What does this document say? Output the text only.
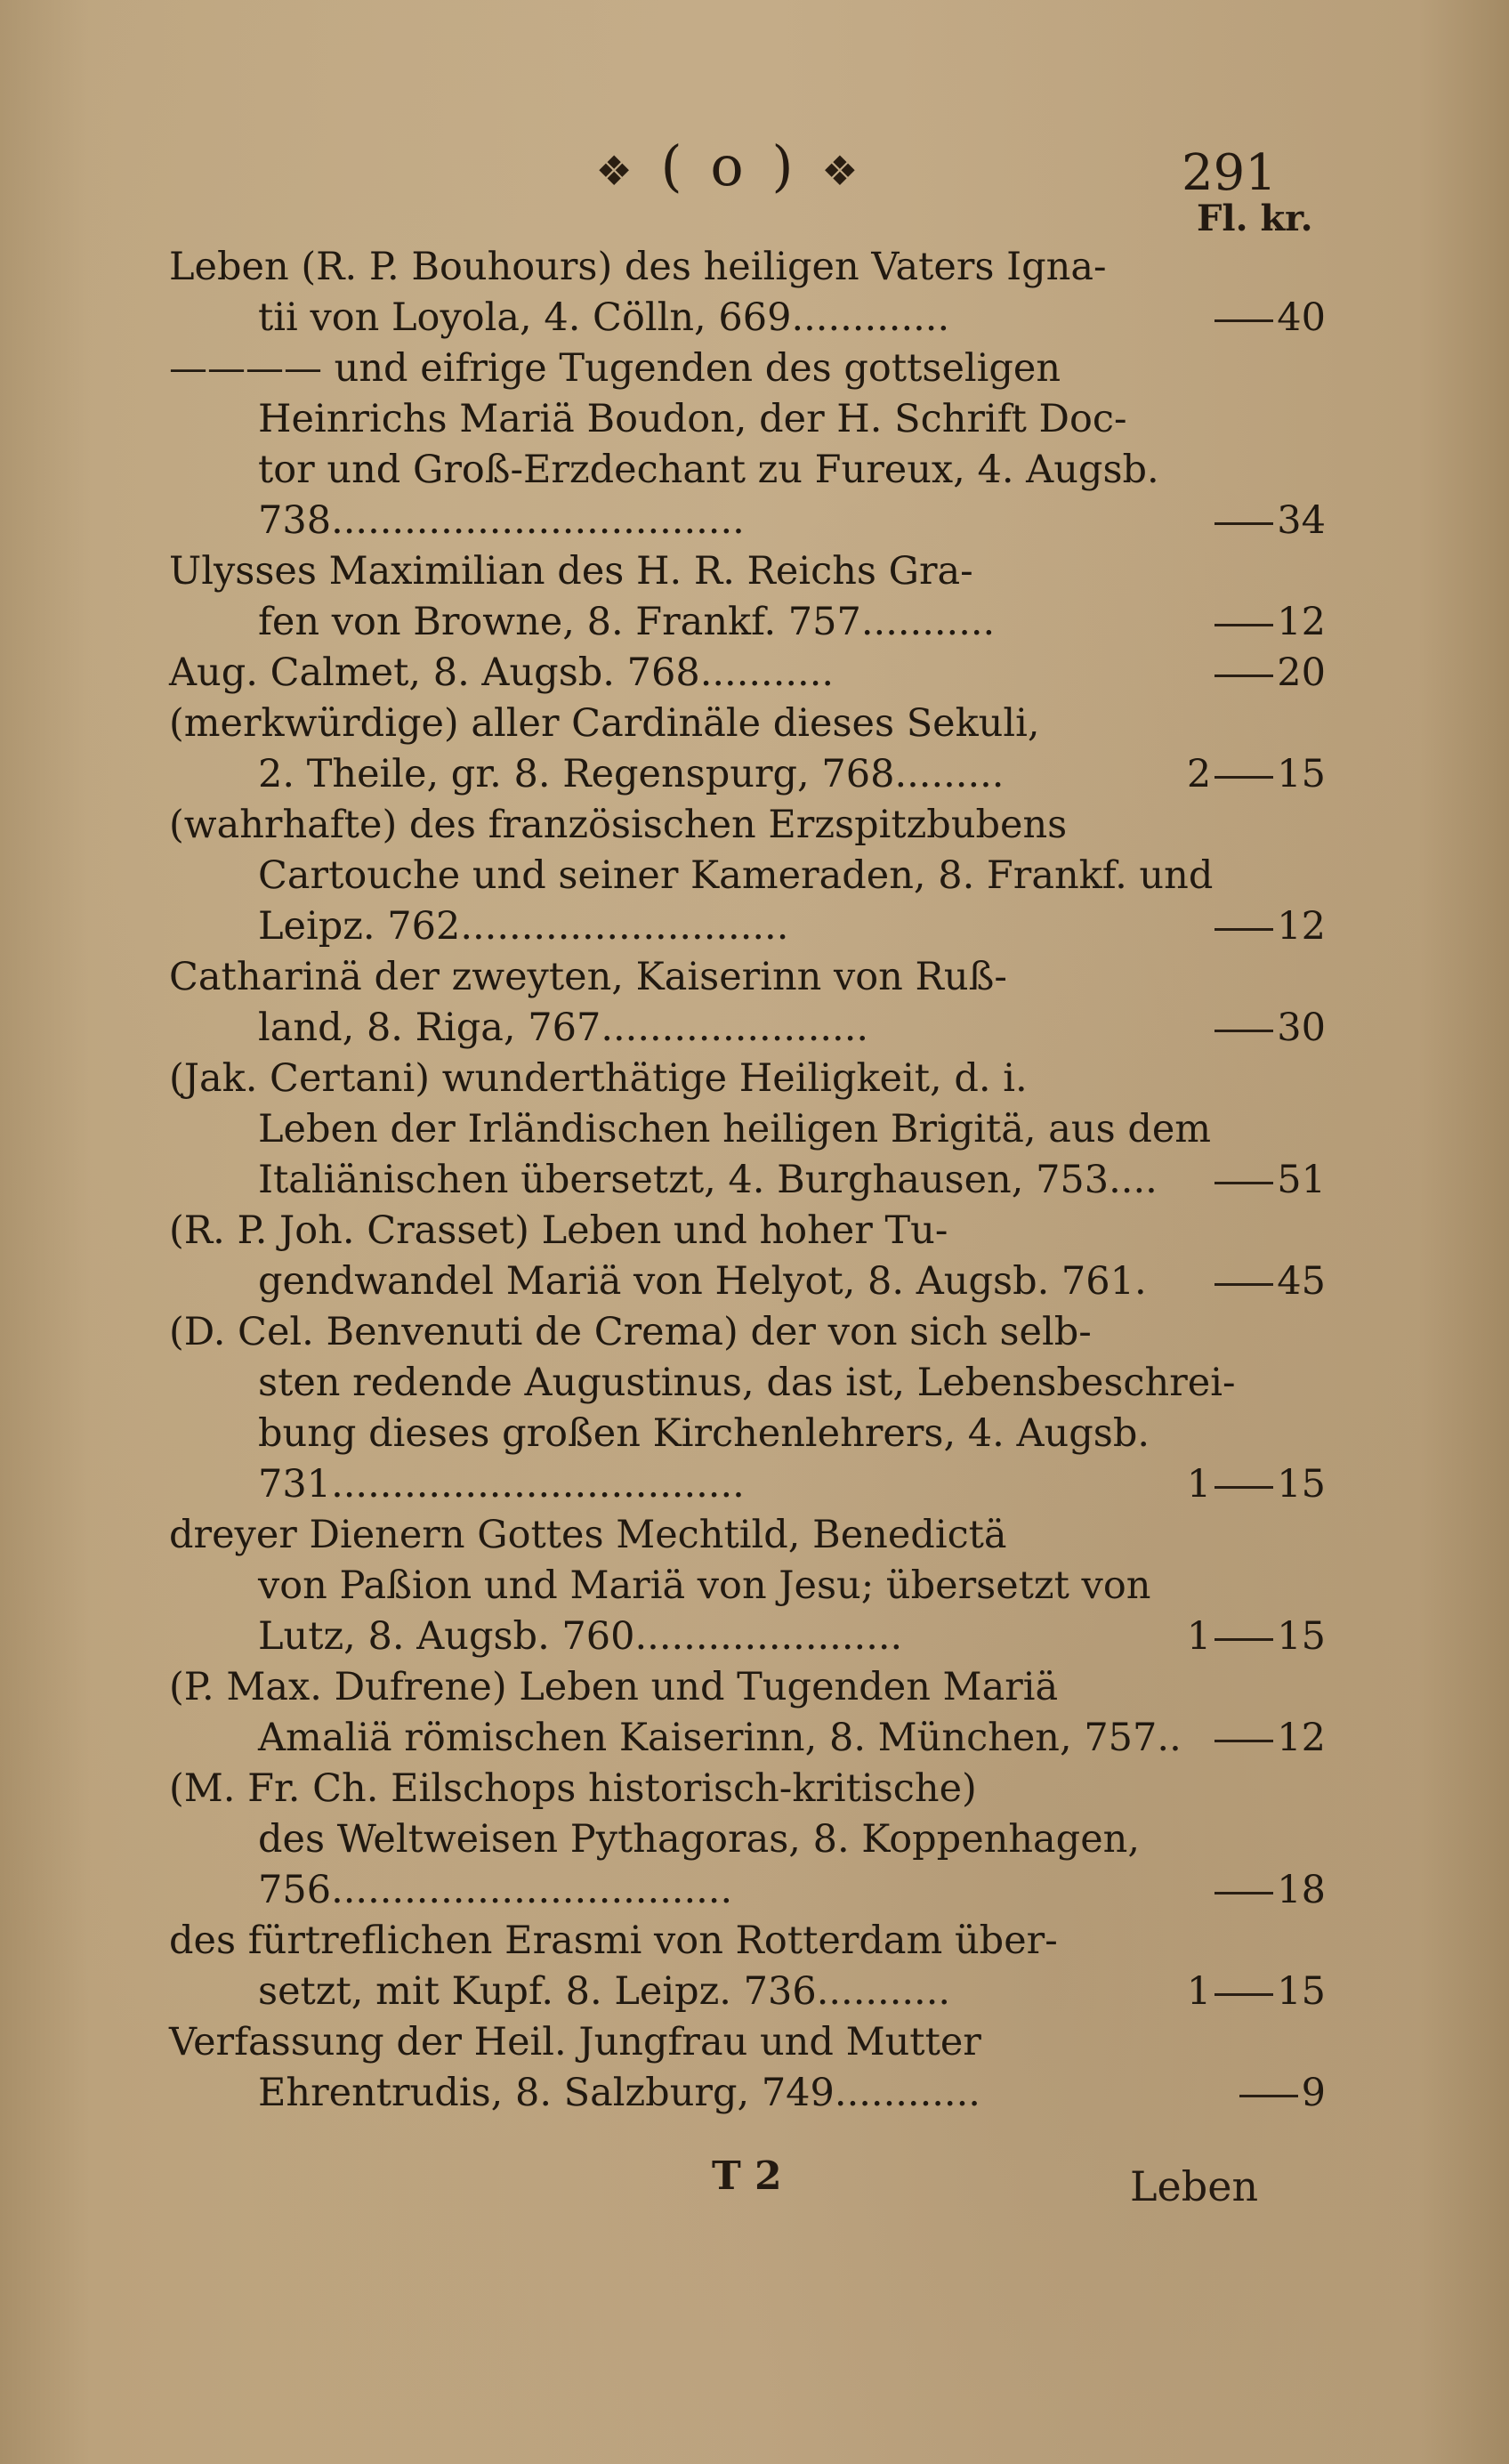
❖ ( o ) ❖	291
Fl. kr.
Leben (R. P. Bouhours) des heiligen Vaters Igna-
tii von Loyola, 4. Cölln, 669.............	40
———— und eifrige Tugenden des gottseligen
Heinrichs Mariä Boudon, der H. Schrift Doc-
tor und Groß-Erzdechant zu Fureux, 4. Augsb.
738..................................	34
Ulysses Maximilian des H. R. Reichs Gra-
fen von Browne, 8. Frankf. 757...........	12
Aug. Calmet, 8. Augsb. 768...........	20
(merkwürdige) aller Cardinäle dieses Sekuli,
2. Theile, gr. 8. Regenspurg, 768.........	2 15
(wahrhafte) des französischen Erzspitzbubens
Cartouche und seiner Kameraden, 8. Frankf. und
Leipz. 762...........................	12
Catharinä der zweyten, Kaiserinn von Ruß-
land, 8. Riga, 767......................	30
(Jak. Certani) wunderthätige Heiligkeit, d. i.
Leben der Irländischen heiligen Brigitä, aus dem
Italiänischen übersetzt, 4. Burghausen, 753....	51
(R. P. Joh. Crasset) Leben und hoher Tu-
gendwandel Mariä von Helyot, 8. Augsb. 761.	45
(D. Cel. Benvenuti de Crema) der von sich selb-
sten redende Augustinus, das ist, Lebensbeschrei-
bung dieses großen Kirchenlehrers, 4. Augsb.
731..................................	1 15
dreyer Dienern Gottes Mechtild, Benedictä
von Paßion und Mariä von Jesu; übersetzt von
Lutz, 8. Augsb. 760......................	1 15
(P. Max. Dufrene) Leben und Tugenden Mariä
Amaliä römischen Kaiserinn, 8. München, 757..	12
(M. Fr. Ch. Eilschops historisch-kritische)
des Weltweisen Pythagoras, 8. Koppenhagen,
756.................................	18
des fürtreflichen Erasmi von Rotterdam über-
setzt, mit Kupf. 8. Leipz. 736...........	1 15
Verfassung der Heil. Jungfrau und Mutter
Ehrentrudis, 8. Salzburg, 749............	9
T 2	Leben
